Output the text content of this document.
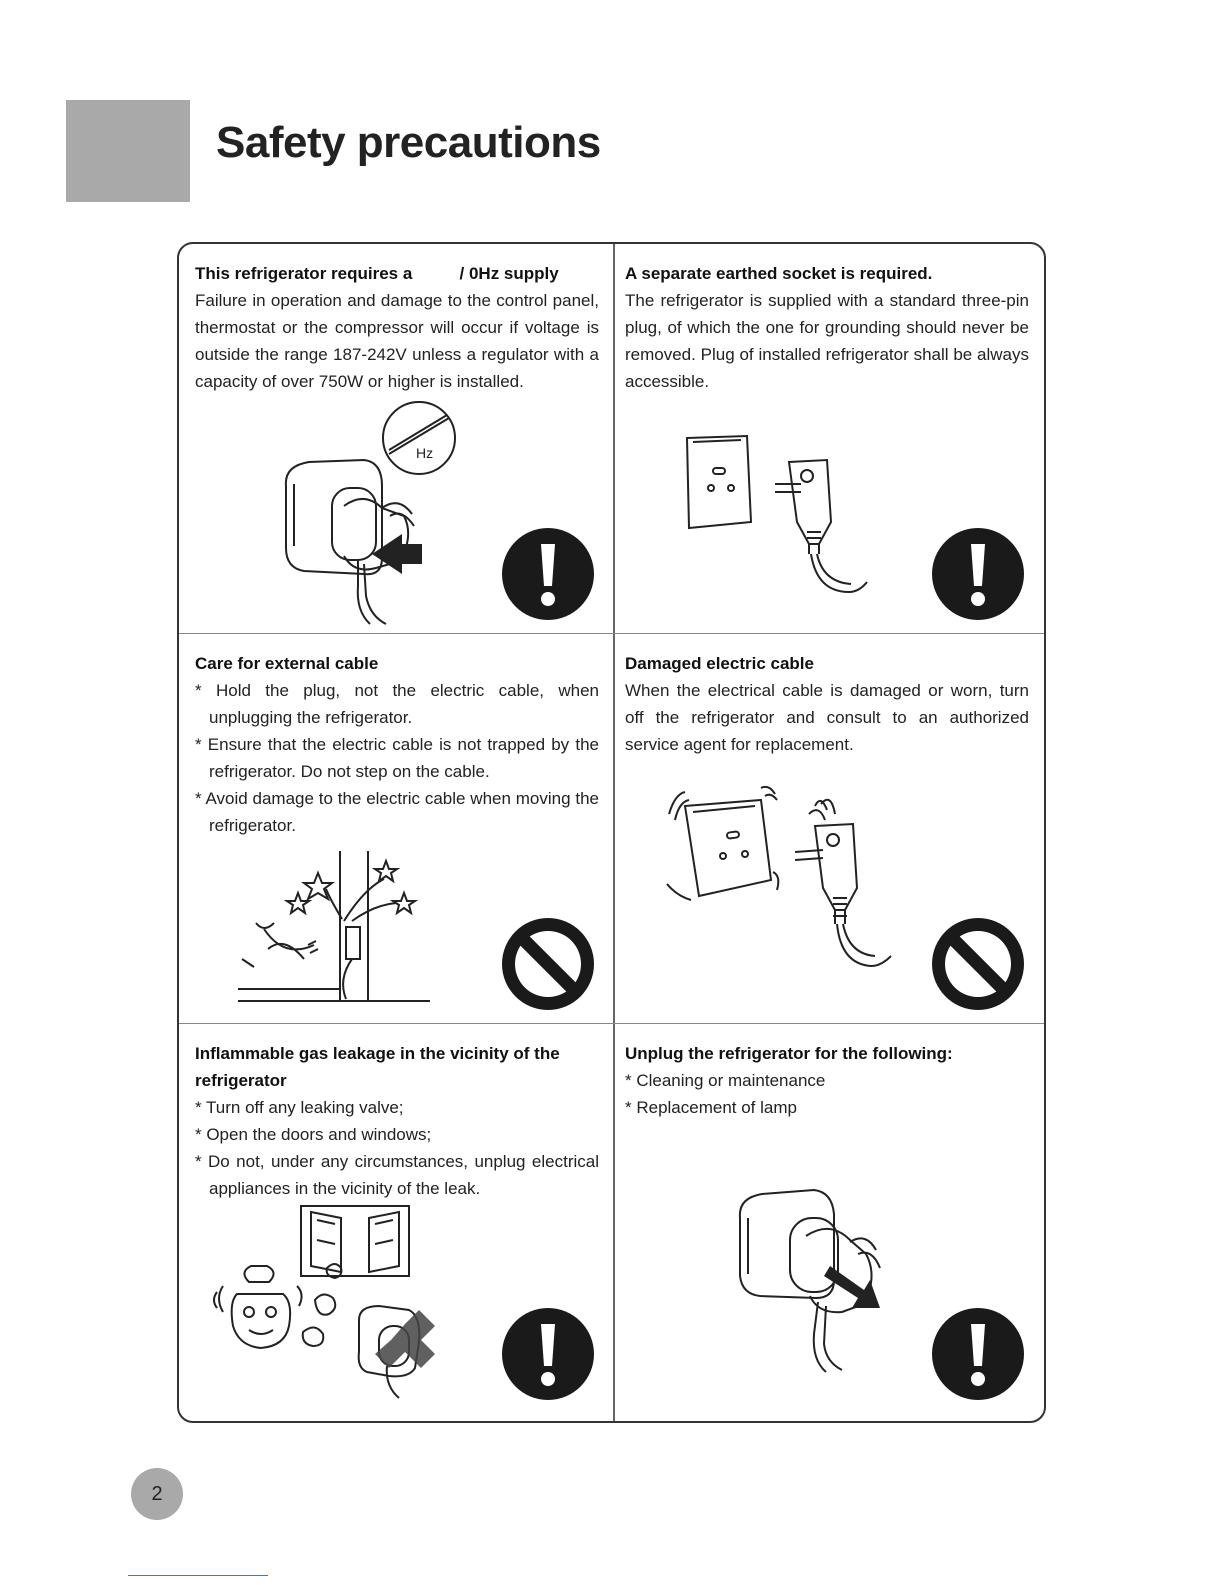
Safety precautions
This refrigerator requires a          / 0Hz supply

Failure in operation and damage to the control panel, thermostat or the compressor will occur if voltage is outside the range 187-242V unless a regulator with a capacity of over 750W or higher is installed.

Hz
A separate earthed socket is required.

The refrigerator is supplied with a standard three-pin plug, of which the one for grounding should never be removed. Plug of installed refrigerator shall be always accessible.

Care for external cable

* Hold the plug, not the electric cable, when unplugging the refrigerator.

* Ensure that the electric cable is not trapped by the refrigerator. Do not step on the cable.

* Avoid damage to the electric cable when moving the refrigerator.

Damaged electric cable

When the electrical cable is damaged or worn, turn off the refrigerator and consult to an authorized service agent for replacement.

Inflammable gas leakage in the vicinity of the refrigerator

* Turn off any leaking valve;

* Open the doors and windows;

* Do not, under any circumstances, unplug electrical appliances in the vicinity of the leak.

Unplug the refrigerator for the following:

* Cleaning or maintenance

* Replacement of lamp

2
